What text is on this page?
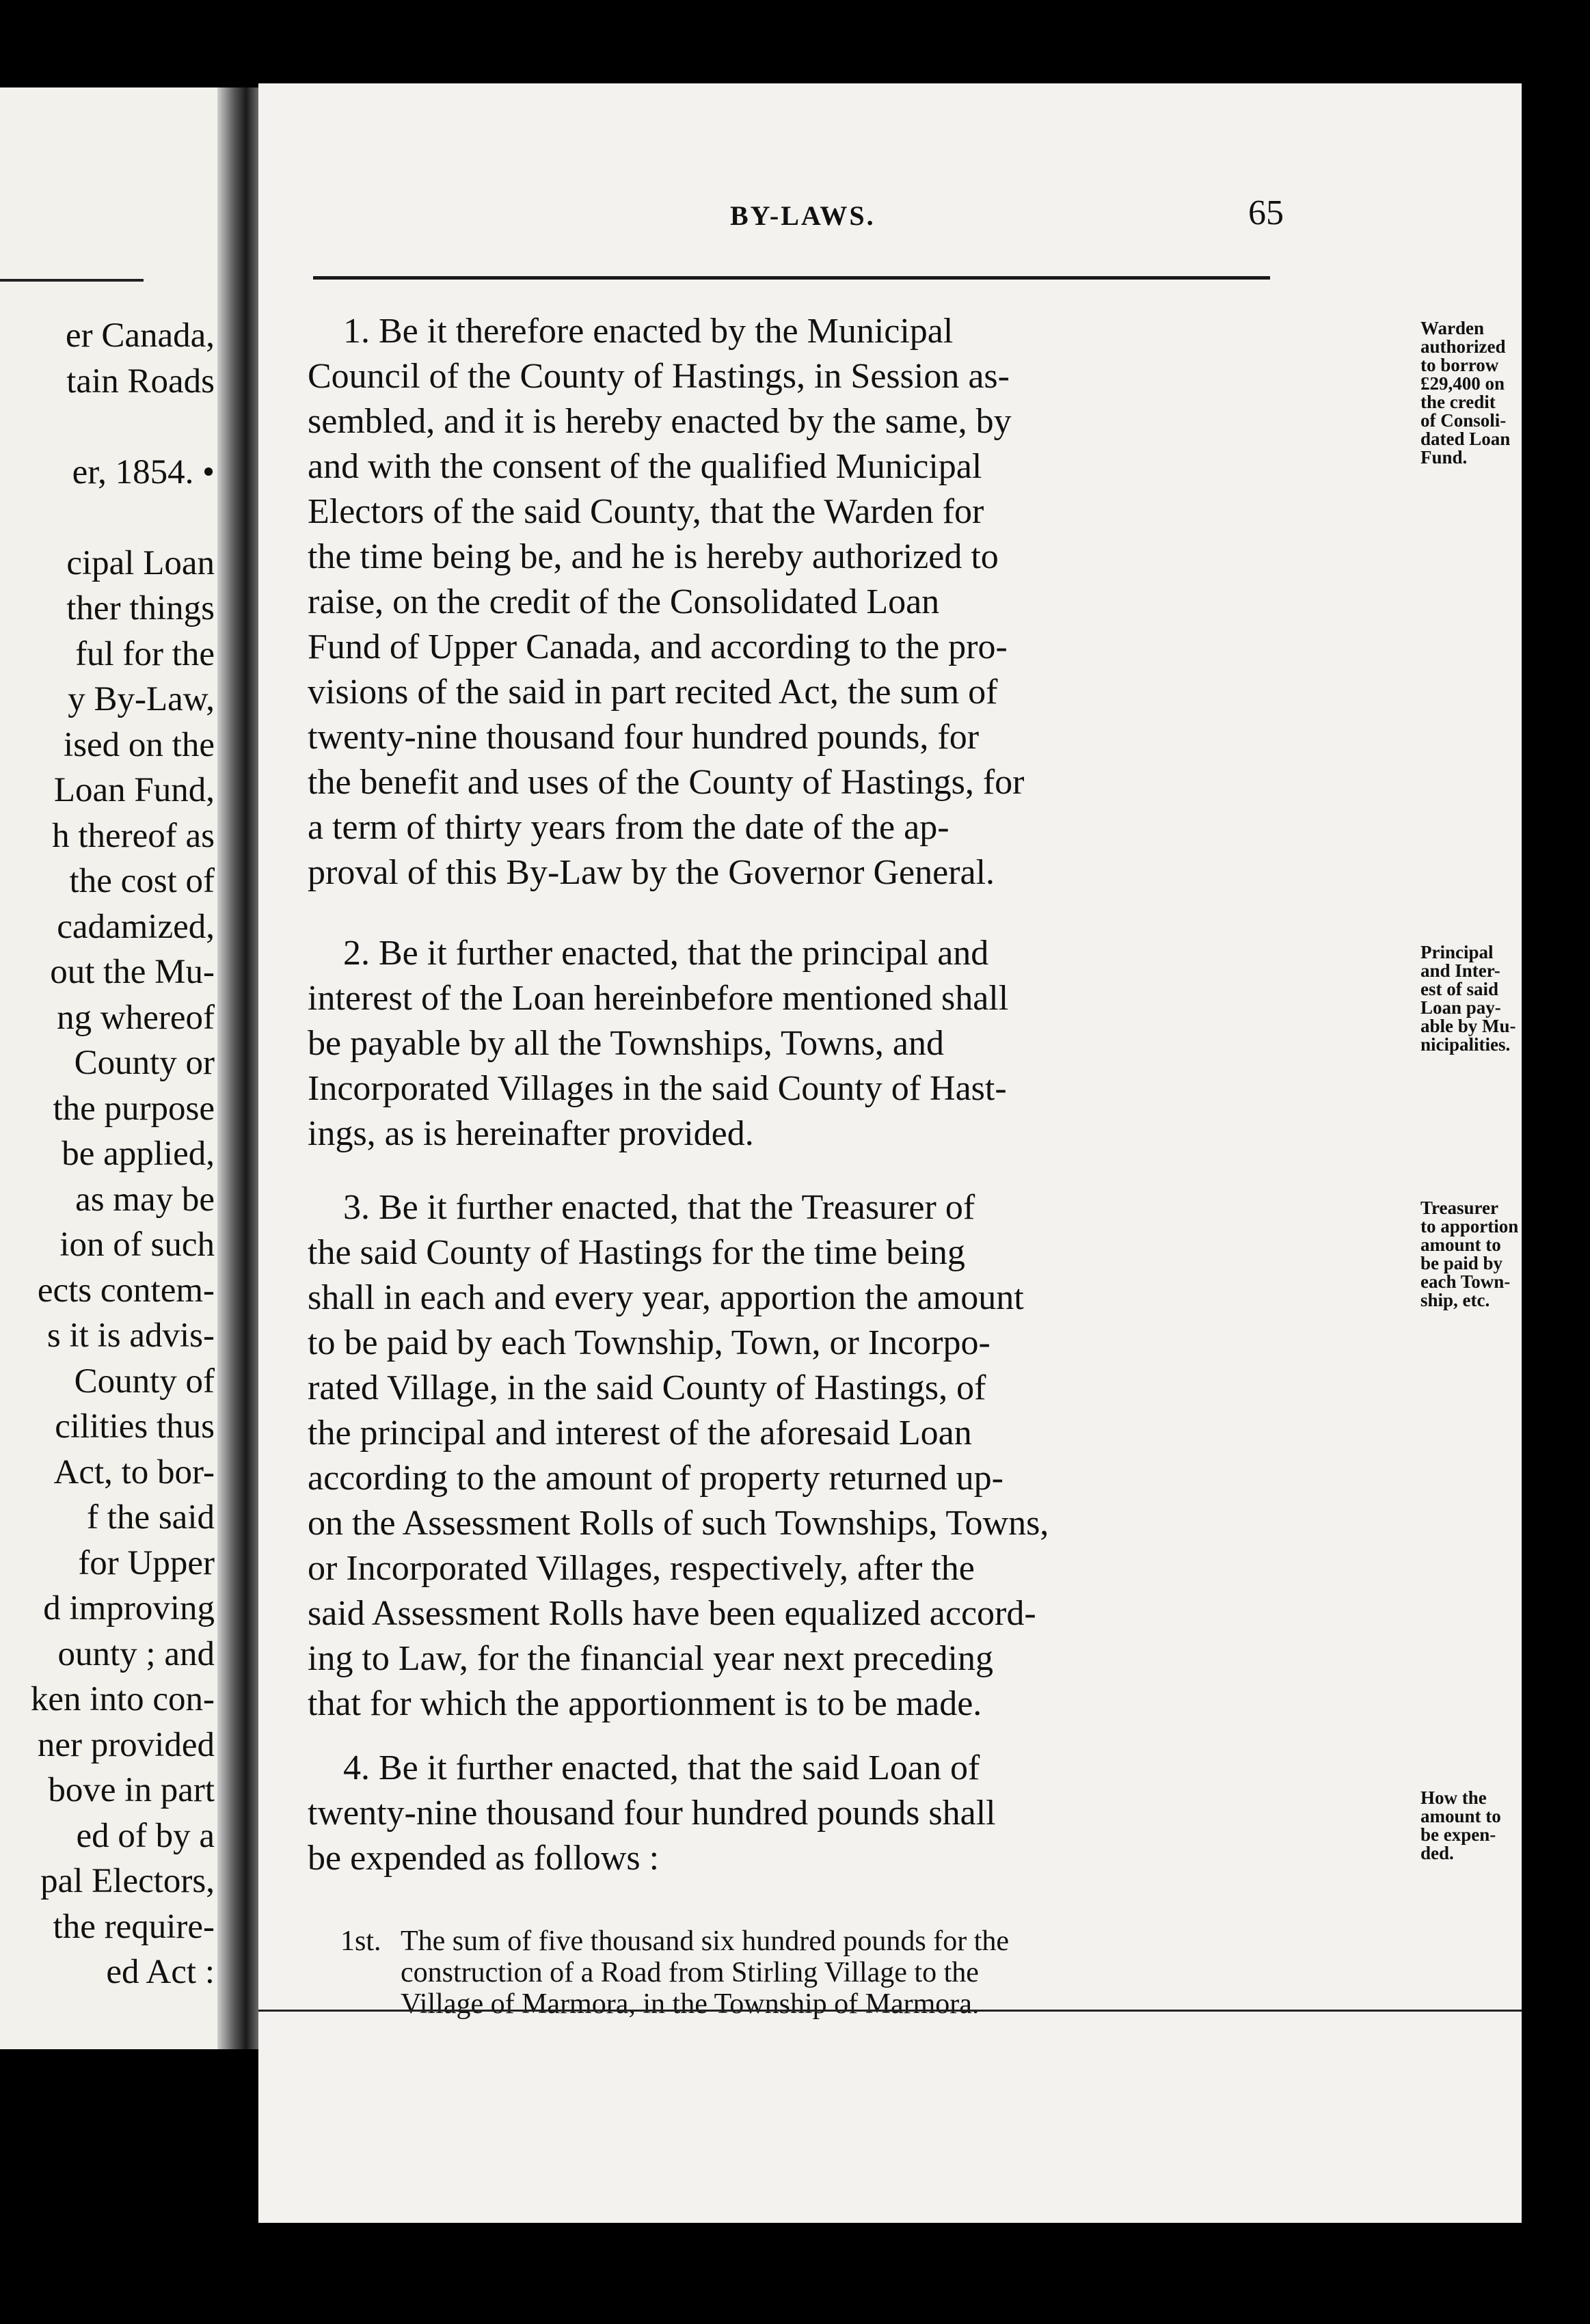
er Canada,
tain Roads
er, 1854. •
cipal Loan
ther things
ful for the
y By-Law,
ised on the
Loan Fund,
h thereof as
the cost of
cadamized,
out the Mu-
ng whereof
County or
the purpose
be applied,
as may be
ion of such
ects contem-
s it is advis-
County of
cilities thus
Act, to bor-
f the said
for Upper
d improving
ounty ; and
ken into con-
ner provided
bove in part
ed of by a
pal Electors,
the require-
ed Act :
BY-LAWS.	65
1. Be it therefore enacted by the Municipal
Council of the County of Hastings, in Session as-
sembled, and it is hereby enacted by the same, by
and with the consent of the qualified Municipal
Electors of the said County, that the Warden for
the time being be, and he is hereby authorized to
raise, on the credit of the Consolidated Loan
Fund of Upper Canada, and according to the pro-
visions of the said in part recited Act, the sum of
twenty-nine thousand four hundred pounds, for
the benefit and uses of the County of Hastings, for
a term of thirty years from the date of the ap-
proval of this By-Law by the Governor General.
Warden
authorized
to borrow
£29,400 on
the credit
of Consoli-
dated Loan
Fund.
2. Be it further enacted, that the principal and
interest of the Loan hereinbefore mentioned shall
be payable by all the Townships, Towns, and
Incorporated Villages in the said County of Hast-
ings, as is hereinafter provided.
Principal
and Inter-
est of said
Loan pay-
able by Mu-
nicipalities.
3. Be it further enacted, that the Treasurer of
the said County of Hastings for the time being
shall in each and every year, apportion the amount
to be paid by each Township, Town, or Incorpo-
rated Village, in the said County of Hastings, of
the principal and interest of the aforesaid Loan
according to the amount of property returned up-
on the Assessment Rolls of such Townships, Towns,
or Incorporated Villages, respectively, after the
said Assessment Rolls have been equalized accord-
ing to Law, for the financial year next preceding
that for which the apportionment is to be made.
Treasurer
to apportion
amount to
be paid by
each Town-
ship, etc.
4. Be it further enacted, that the said Loan of
twenty-nine thousand four hundred pounds shall
be expended as follows :
How the
amount to
be expen-
ded.
1st. The sum of five thousand six hundred pounds for the
construction of a Road from Stirling Village to the
Village of Marmora, in the Township of Marmora.
